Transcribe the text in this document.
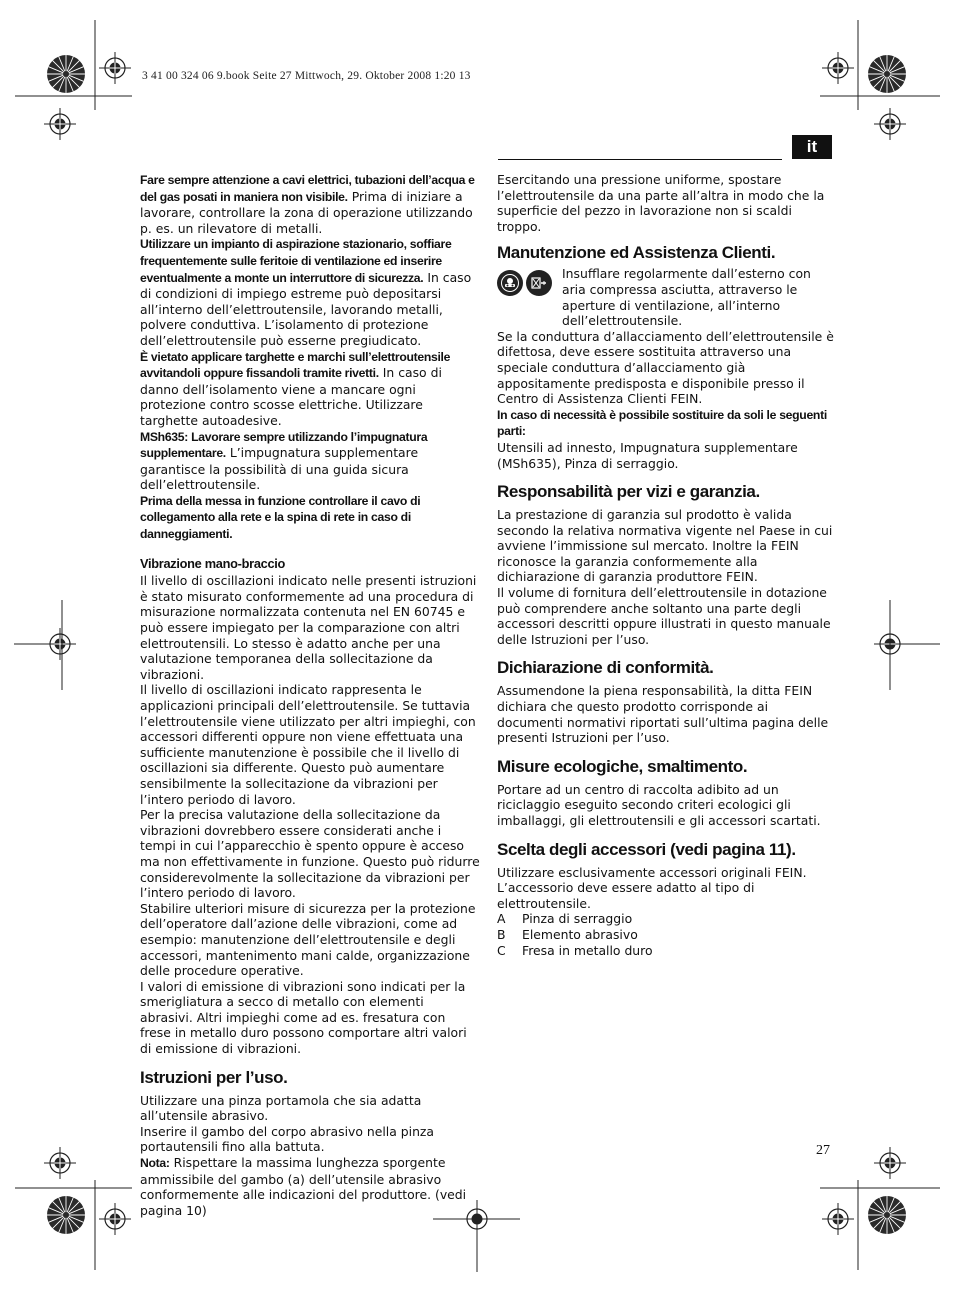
3 41 00 324 06 9.book Seite 27 Mittwoch, 29. Oktober 2008 1:20 13
it

Fare sempre attenzione a cavi elettrici, tubazioni dell’acqua e del gas posati in maniera non visibile. Prima di iniziare a lavorare, controllare la zona di operazione utilizzando p. es. un rilevatore di metalli.

Utilizzare un impianto di aspirazione stazionario, soffiare frequentemente sulle feritoie di ventilazione ed inserire eventualmente a monte un interruttore di sicurezza. In caso di condizioni di impiego estreme può depositarsi all’interno dell’elettroutensile, lavorando metalli, polvere conduttiva. L’isolamento di protezione dell’elettroutensile può esserne pregiudicato.

È vietato applicare targhette e marchi sull’elettroutensile avvitandoli oppure fissandoli tramite rivetti. In caso di danno dell’isolamento viene a mancare ogni protezione contro scosse elettriche. Utilizzare targhette autoadesive.

MSh635: Lavorare sempre utilizzando l’impugnatura supplementare. L’impugnatura supplementare garantisce la possibilità di una guida sicura dell’elettroutensile.

Prima della messa in funzione controllare il cavo di collegamento alla rete e la spina di rete in caso di danneggiamenti.

Vibrazione mano-braccio

Il livello di oscillazioni indicato nelle presenti istruzioni è stato misurato conformemente ad una procedura di misurazione normalizzata contenuta nel EN 60745 e può essere impiegato per la comparazione con altri elettroutensili. Lo stesso è adatto anche per una valutazione temporanea della sollecitazione da vibrazioni.

Il livello di oscillazioni indicato rappresenta le applicazioni principali dell’elettroutensile. Se tuttavia l’elettroutensile viene utilizzato per altri impieghi, con accessori differenti oppure non viene effettuata una sufficiente manutenzione è possibile che il livello di oscillazioni sia differente. Questo può aumentare sensibilmente la sollecitazione da vibrazioni per l’intero periodo di lavoro.

Per la precisa valutazione della sollecitazione da vibrazioni dovrebbero essere considerati anche i tempi in cui l’apparecchio è spento oppure è acceso ma non effettivamente in funzione. Questo può ridurre considerevolmente la sollecitazione da vibrazioni per l’intero periodo di lavoro.

Stabilire ulteriori misure di sicurezza per la protezione dell’operatore dall’azione delle vibrazioni, come ad esempio: manutenzione dell’elettroutensile e degli accessori, mantenimento mani calde, organizzazione delle procedure operative.

I valori di emissione di vibrazioni sono indicati per la smerigliatura a secco di metallo con elementi abrasivi. Altri impieghi come ad es. fresatura con frese in metallo duro possono comportare altri valori di emissione di vibrazioni.

Istruzioni per l’uso.

Utilizzare una pinza portamola che sia adatta all’utensile abrasivo.

Inserire il gambo del corpo abrasivo nella pinza portautensili fino alla battuta.

Nota: Rispettare la massima lunghezza sporgente ammissibile del gambo (a) dell’utensile abrasivo conformemente alle indicazioni del produttore. (vedi pagina 10)

Esercitando una pressione uniforme, spostare l’elettroutensile da una parte all’altra in modo che la superficie del pezzo in lavorazione non si scaldi troppo.

Manutenzione ed Assistenza Clienti.

Insufflare regolarmente dall’esterno con aria compressa asciutta, attraverso le aperture di ventilazione, all’interno dell’elettroutensile.

Se la conduttura d’allacciamento dell’elettroutensile è difettosa, deve essere sostituita attraverso una speciale conduttura d’allacciamento già appositamente predisposta e disponibile presso il Centro di Assistenza Clienti FEIN.

In caso di necessità è possibile sostituire da soli le seguenti parti:

Utensili ad innesto, Impugnatura supplementare (MSh635), Pinza di serraggio.

Responsabilità per vizi e garanzia.

La prestazione di garanzia sul prodotto è valida secondo la relativa normativa vigente nel Paese in cui avviene l’immissione sul mercato. Inoltre la FEIN riconosce la garanzia conformemente alla dichiarazione di garanzia produttore FEIN.

Il volume di fornitura dell’elettroutensile in dotazione può comprendere anche soltanto una parte degli accessori descritti oppure illustrati in questo manuale delle Istruzioni per l’uso.

Dichiarazione di conformità.

Assumendone la piena responsabilità, la ditta FEIN dichiara che questo prodotto corrisponde ai documenti normativi riportati sull’ultima pagina delle presenti Istruzioni per l’uso.

Misure ecologiche, smaltimento.

Portare ad un centro di raccolta adibito ad un riciclaggio eseguito secondo criteri ecologici gli imballaggi, gli elettroutensili e gli accessori scartati.

Scelta degli accessori (vedi pagina 11).

Utilizzare esclusivamente accessori originali FEIN.

L’accessorio deve essere adatto al tipo di elettroutensile.

A	Pinza di serraggio
B	Elemento abrasivo
C	Fresa in metallo duro
27
